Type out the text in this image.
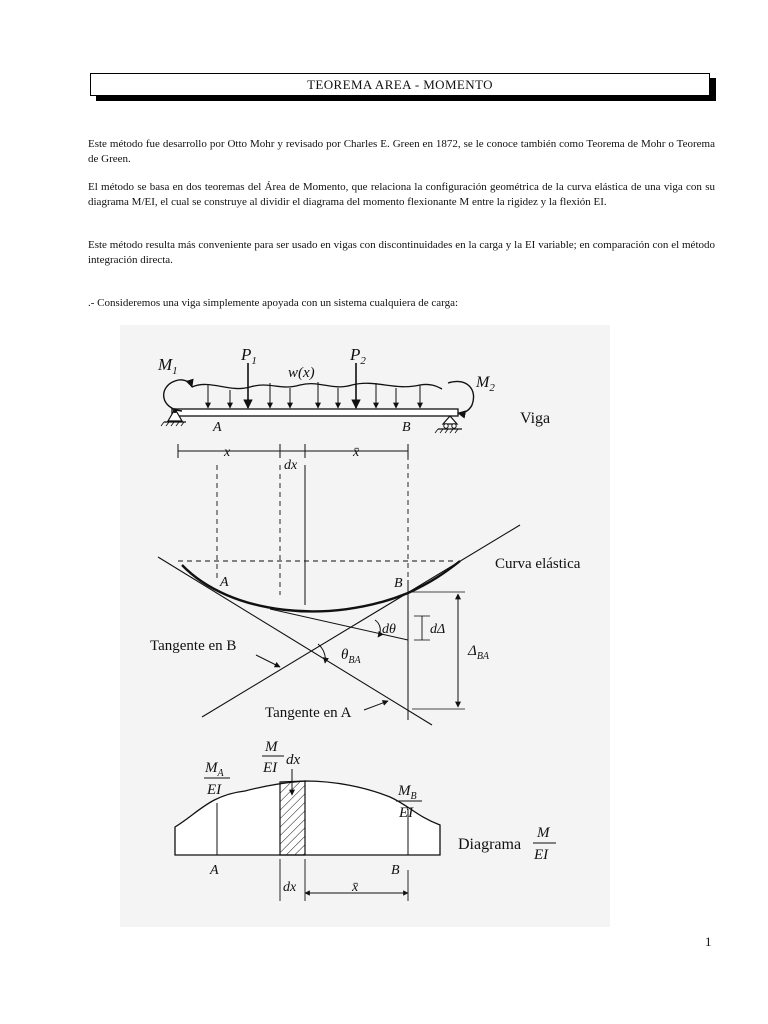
TEOREMA AREA - MOMENTO

Este método fue desarrollo por Otto Mohr y revisado por Charles E. Green en 1872, se le conoce también como Teorema de Mohr o Teorema de Green.

El método se basa en dos teoremas del Área de Momento, que relaciona la configuración geométrica de la curva elástica de una viga con su diagrama M/EI, el cual se construye al dividir el diagrama del momento flexionante M entre la rigidez y la flexión EI.

Este método resulta más conveniente para ser usado en vigas con discontinuidades en la carga y la EI variable; en comparación con el método integración directa.

.- Consideremos una viga simplemente apoyada con un sistema cualquiera de carga:

$M_1$
$M_2$
$P_1$	$P_2$
w(x)
A	B
Viga
x
dx
x̄
A	B
Curva elástica
dθ dΔ
$\theta_{BA}$
$\Delta_{BA}$
Tangente en B
Tangente en A
$M_A$
EI
M
EI dx
$M_B$
EI
Diagrama
M
EI
A	B
dx	x̄
1
